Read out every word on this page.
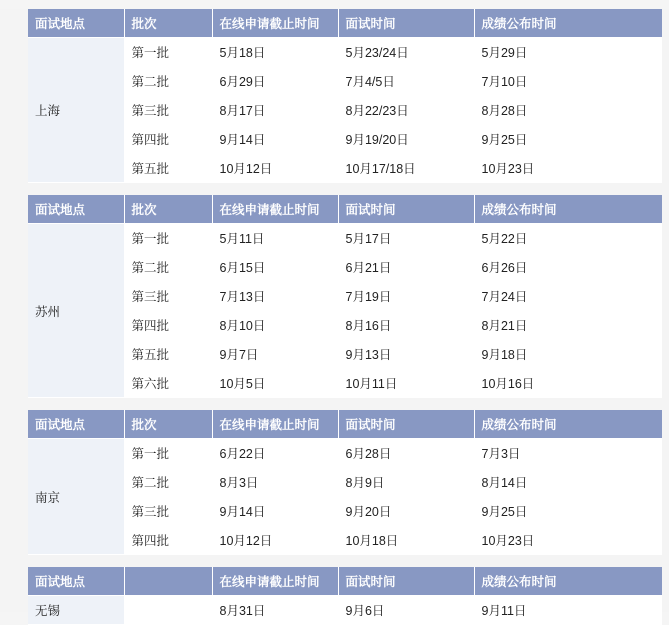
面试地点	批次	在线申请截止时间	面试时间	成绩公布时间
上海	第一批	5月18日	5月23/24日	5月29日
	第二批	6月29日	7月4/5日	7月10日
	第三批	8月17日	8月22/23日	8月28日
	第四批	9月14日	9月19/20日	9月25日
	第五批	10月12日	10月17/18日	10月23日
面试地点	批次	在线申请截止时间	面试时间	成绩公布时间
苏州	第一批	5月11日	5月17日	5月22日
	第二批	6月15日	6月21日	6月26日
	第三批	7月13日	7月19日	7月24日
	第四批	8月10日	8月16日	8月21日
	第五批	9月7日	9月13日	9月18日
	第六批	10月5日	10月11日	10月16日
面试地点	批次	在线申请截止时间	面试时间	成绩公布时间
南京	第一批	6月22日	6月28日	7月3日
	第二批	8月3日	8月9日	8月14日
	第三批	9月14日	9月20日	9月25日
	第四批	10月12日	10月18日	10月23日
面试地点		在线申请截止时间	面试时间	成绩公布时间
无锡		8月31日	9月6日	9月11日
